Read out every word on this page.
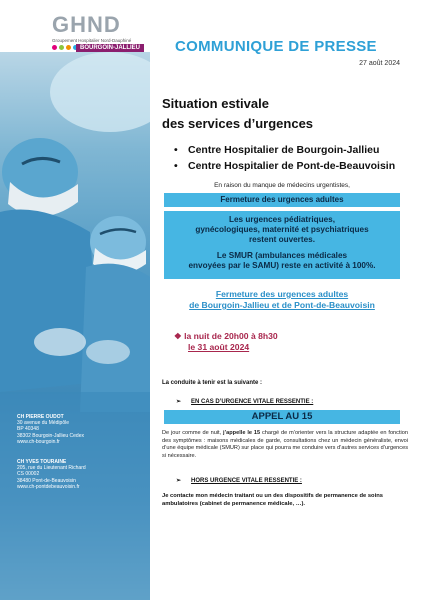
GHND
Groupement Hospitalier Nord-Dauphiné
BOURGOIN-JALLIEU COMMUNIQUE DE PRESSE
27 août 2024
Situation estivale
des services d’urgences
• Centre Hospitalier de Bourgoin-Jallieu
• Centre Hospitalier de Pont-de-Beauvoisin
En raison du manque de médecins urgentistes,
Fermeture des urgences adultes
Les urgences pédiatriques,
gynécologiques, maternité et psychiatriques
restent ouvertes.
Le SMUR (ambulances médicales
envoyées par le SAMU) reste en activité à 100%.
Fermeture des urgences adultes
de Bourgoin-Jallieu et de Pont-de-Beauvoisin
❖ la nuit de 20h00 à 8h30
le 31 août 2024
La conduite à tenir est la suivante :
➢ EN CAS D’URGENCE VITALE RESSENTIE :
APPEL AU 15
De jour comme de nuit, j’appelle le 15 chargé de m’orienter vers la structure adaptée en fonction des symptômes : maisons médicales de garde, consultations chez un médecin généraliste, envoi d’une équipe médicale (SMUR) sur place qui pourra me conduire vers d’autres services d’urgences si nécessaire.
➢ HORS URGENCE VITALE RESSENTIE :
Je contacte mon médecin traitant ou un des dispositifs de permanence de soins ambulatoires (cabinet de permanence médicale, …).
CH PIERRE OUDOT
30 avenue du Médipôle
BP 40348
38302 Bourgoin-Jallieu Cedex
www.ch-bourgoin.fr
CH YVES TOURAINE
205, rue du Lieutenant Richard
CS 00002
38480 Pont-de-Beauvoisin
www.ch-pontdebeauvoisin.fr
